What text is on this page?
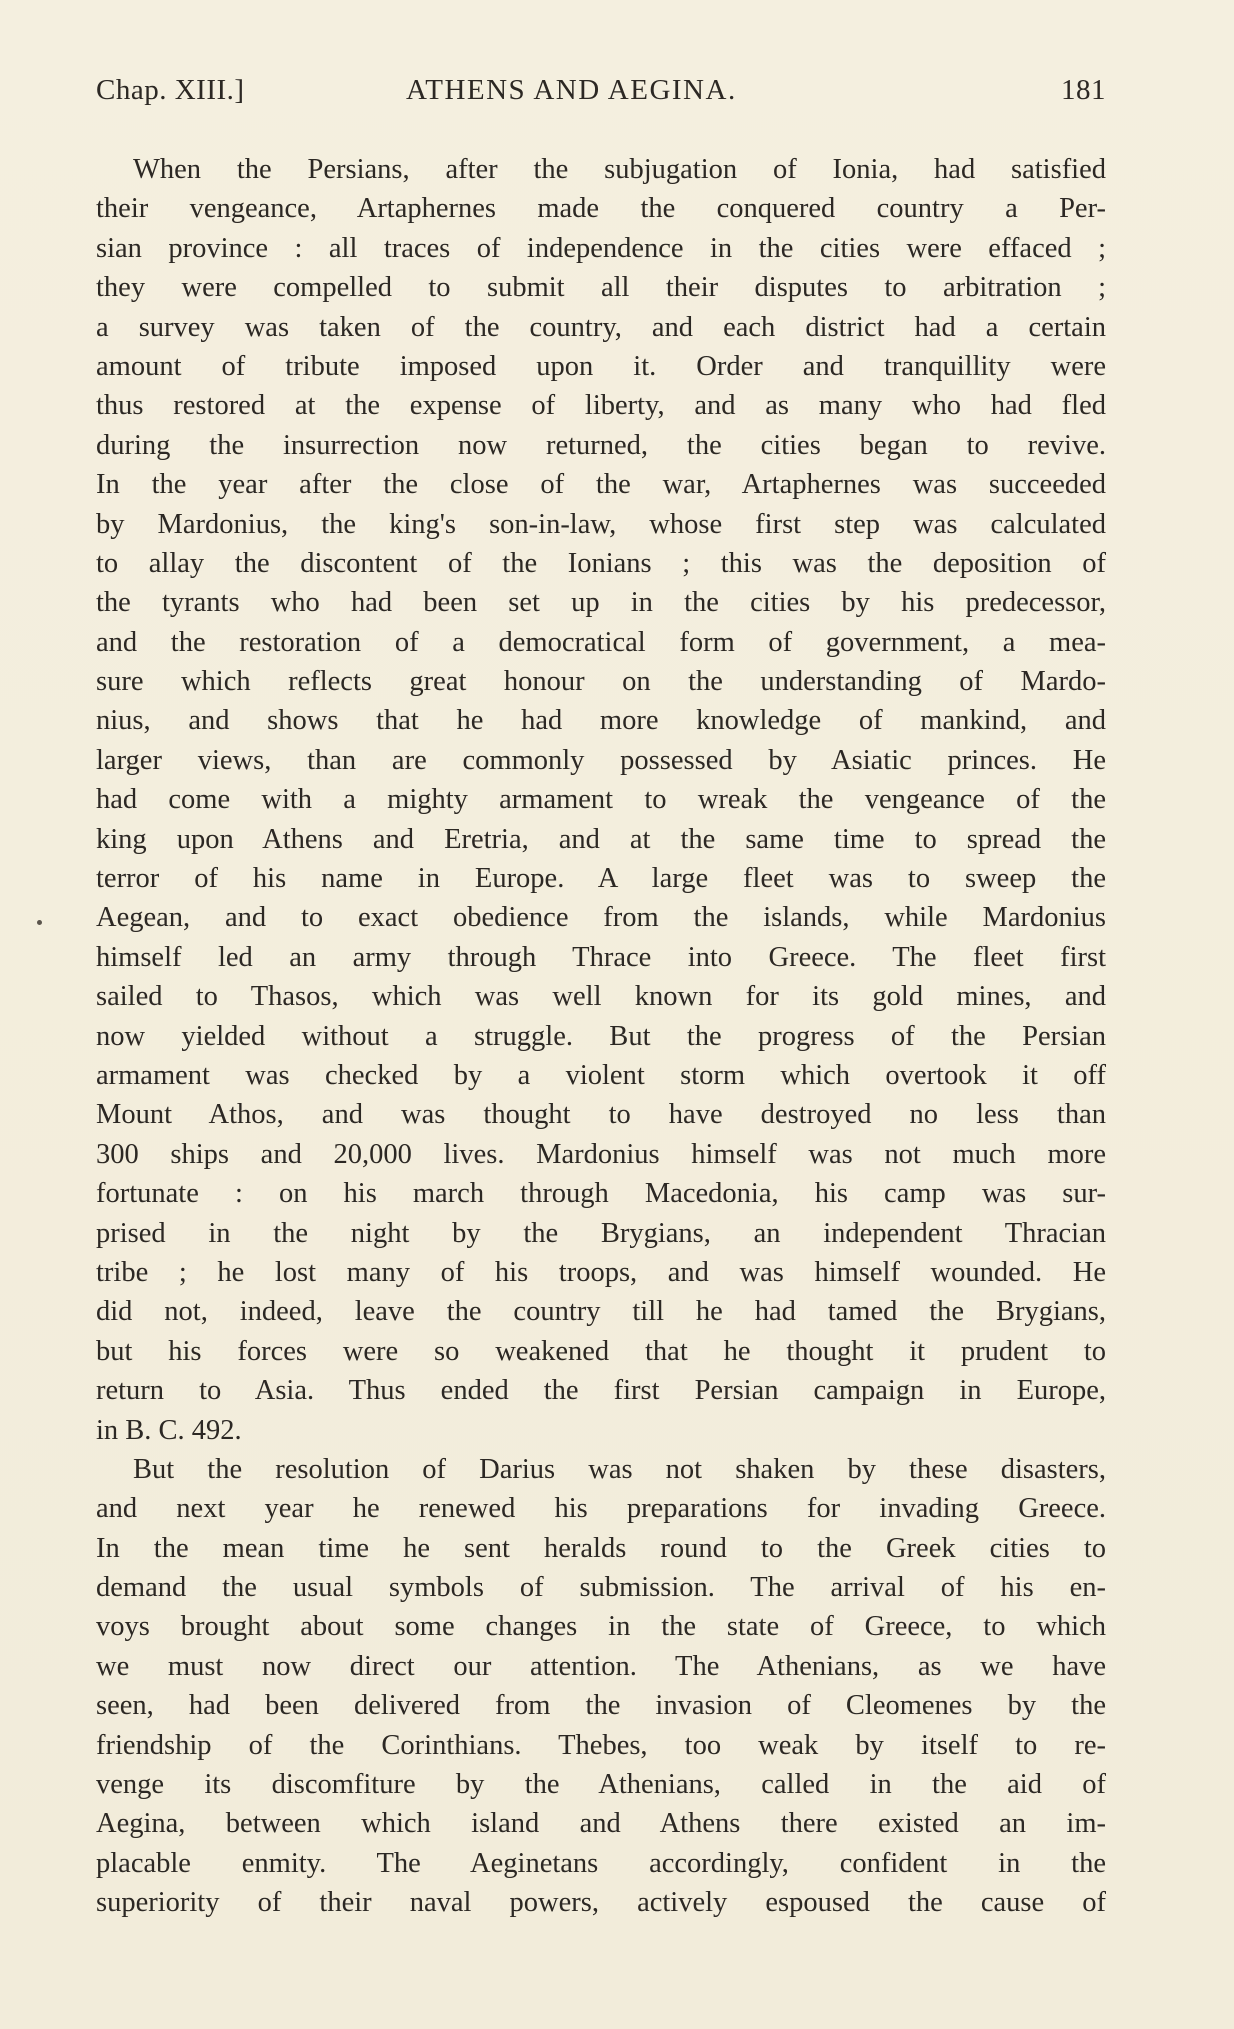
Chap. XIII.]	ATHENS AND AEGINA.	181
When the Persians, after the subjugation of Ionia, had satisfied
their vengeance, Artaphernes made the conquered country a Per-
sian province : all traces of independence in the cities were effaced ;
they were compelled to submit all their disputes to arbitration ;
a survey was taken of the country, and each district had a certain
amount of tribute imposed upon it. Order and tranquillity were
thus restored at the expense of liberty, and as many who had fled
during the insurrection now returned, the cities began to revive.
In the year after the close of the war, Artaphernes was succeeded
by Mardonius, the king's son-in-law, whose first step was calculated
to allay the discontent of the Ionians ; this was the deposition of
the tyrants who had been set up in the cities by his predecessor,
and the restoration of a democratical form of government, a mea-
sure which reflects great honour on the understanding of Mardo-
nius, and shows that he had more knowledge of mankind, and
larger views, than are commonly possessed by Asiatic princes. He
had come with a mighty armament to wreak the vengeance of the
king upon Athens and Eretria, and at the same time to spread the
terror of his name in Europe. A large fleet was to sweep the
Aegean, and to exact obedience from the islands, while Mardonius
himself led an army through Thrace into Greece. The fleet first
sailed to Thasos, which was well known for its gold mines, and
now yielded without a struggle. But the progress of the Persian
armament was checked by a violent storm which overtook it off
Mount Athos, and was thought to have destroyed no less than
300 ships and 20,000 lives. Mardonius himself was not much more
fortunate : on his march through Macedonia, his camp was sur-
prised in the night by the Brygians, an independent Thracian
tribe ; he lost many of his troops, and was himself wounded. He
did not, indeed, leave the country till he had tamed the Brygians,
but his forces were so weakened that he thought it prudent to
return to Asia. Thus ended the first Persian campaign in Europe,
in B. C. 492.
But the resolution of Darius was not shaken by these disasters,
and next year he renewed his preparations for invading Greece.
In the mean time he sent heralds round to the Greek cities to
demand the usual symbols of submission. The arrival of his en-
voys brought about some changes in the state of Greece, to which
we must now direct our attention. The Athenians, as we have
seen, had been delivered from the invasion of Cleomenes by the
friendship of the Corinthians. Thebes, too weak by itself to re-
venge its discomfiture by the Athenians, called in the aid of
Aegina, between which island and Athens there existed an im-
placable enmity. The Aeginetans accordingly, confident in the
superiority of their naval powers, actively espoused the cause of
